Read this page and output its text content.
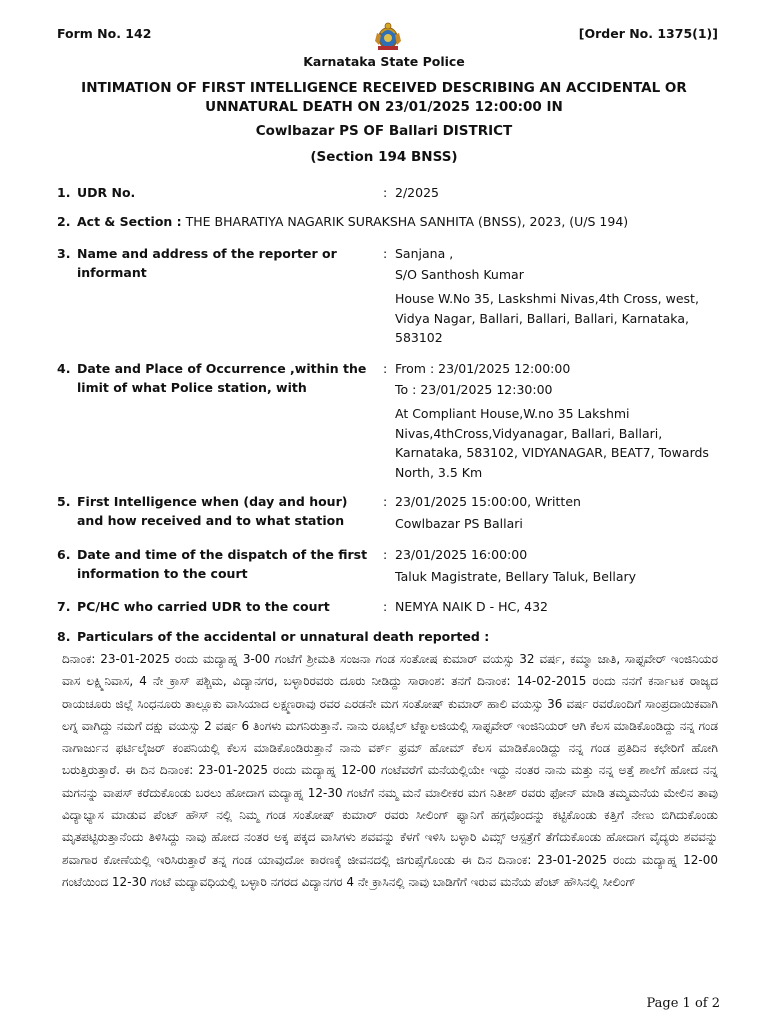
Form No. 142	[Order No. 1375(1)]
Karnataka State Police
INTIMATION OF FIRST INTELLIGENCE RECEIVED DESCRIBING AN ACCIDENTAL OR UNNATURAL DEATH ON 23/01/2025 12:00:00 IN
Cowlbazar PS OF Ballari DISTRICT
(Section 194 BNSS)
1. UDR No.	: 2/2025
2. Act & Section : THE BHARATIYA NAGARIK SURAKSHA SANHITA (BNSS), 2023, (U/S 194)
3. Name and address of the reporter or informant
: Sanjana ,
S/O Santhosh Kumar
House W.No 35, Laskshmi Nivas,4th Cross, west, Vidya Nagar, Ballari, Ballari, Ballari, Karnataka, 583102
4. Date and Place of Occurrence ,within the limit of what Police station, with
: From : 23/01/2025 12:00:00
To : 23/01/2025 12:30:00
At Compliant House,W.no 35 Lakshmi Nivas,4thCross,Vidyanagar, Ballari, Ballari, Karnataka, 583102, VIDYANAGAR, BEAT7, Towards North, 3.5 Km
5. First Intelligence when (day and hour) and how received and to what station
: 23/01/2025 15:00:00, Written
Cowlbazar PS Ballari
6. Date and time of the dispatch of the first information to the court
: 23/01/2025 16:00:00
Taluk Magistrate, Bellary Taluk, Bellary
7. PC/HC who carried UDR to the court	: NEMYA NAIK D - HC, 432
8. Particulars of the accidental or unnatural death reported :
ದಿನಾಂಕ: 23-01-2025 ರಂದು ಮದ್ಯಾಹ್ನ 3-00 ಗಂಟೆಗೆ ಶ್ರೀಮತಿ ಸಂಜನಾ ಗಂಡ ಸಂತೋಷ ಕುಮಾರ್ ವಯಸ್ಸು 32 ವರ್ಷ, ಕಮ್ಮಾ ಜಾತಿ, ಸಾಫ್ಟವೇರ್ ಇಂಜಿನಿಯರ ವಾಸ ಲಕ್ಷ್ಮಿನಿವಾಸ, 4 ನೇ ಕ್ರಾಸ್ ಪಶ್ಚಿಮ, ವಿದ್ಯಾನಗರ, ಬಳ್ಳಾರಿರವರು ದೂರು ನೀಡಿದ್ದು ಸಾರಾಂಶ: ತನಗೆ ದಿನಾಂಕ: 14-02-2015 ರಂದು ನನಗೆ ಕರ್ನಾಟಕ ರಾಜ್ಯದ ರಾಯಚೂರು ಜಿಲ್ಲೆ ಸಿಂಧನೂರು ತಾಲ್ಲೂಕು ವಾಸಿಯಾದ ಲಕ್ಷ್ಮಣರಾವು ರವರ ಎರಡನೇ ಮಗ ಸಂತೋಷ್ ಕುಮಾರ್ ಹಾಲಿ ವಯಸ್ಸು 36 ವರ್ಷ ರವರೊಂದಿಗೆ ಸಾಂಪ್ರದಾಯಿಕವಾಗಿ ಲಗ್ನ ವಾಗಿದ್ದು ನಮಗೆ ದಕ್ಷು ವಯಸ್ಸು 2 ವರ್ಷ 6 ತಿಂಗಳು ಮಗನಿರುತ್ತಾನೆ. ನಾನು ರೂಟ್ಸೆಲ್ ಟೆಕ್ನಾಲಜಿಯಲ್ಲಿ ಸಾಫ್ಟವೇರ್ ಇಂಜಿನಿಯರ್ ಆಗಿ ಕೆಲಸ ಮಾಡಿಕೊಂಡಿದ್ದು ನನ್ನ ಗಂಡ ನಾಗಾರ್ಜುನ ಫರ್ಟಿಲೈಜರ್ ಕಂಪನಿಯಲ್ಲಿ ಕೆಲಸ ಮಾಡಿಕೊಂಡಿರುತ್ತಾನೆ ನಾನು ವರ್ಕ್ ಫ್ರಮ್ ಹೋಮ್ ಕೆಲಸ ಮಾಡಿಕೊಂಡಿದ್ದು ನನ್ನ ಗಂಡ ಪ್ರತಿದಿನ ಕಛೇರಿಗೆ ಹೋಗಿ ಬರುತ್ತಿರುತ್ತಾರೆ. ಈ ದಿನ ದಿನಾಂಕ: 23-01-2025 ರಂದು ಮದ್ಯಾಹ್ನ 12-00 ಗಂಟೆವರೆಗೆ ಮನೆಯಲ್ಲಿಯೇ ಇದ್ದು ನಂತರ ನಾನು ಮತ್ತು ನನ್ನ ಅತ್ತೆ ಶಾಲೆಗೆ ಹೋದ ನನ್ನ ಮಗನನ್ನು ವಾಪಸ್ ಕರೆದುಕೊಂಡು ಬರಲು ಹೋದಾಗ ಮದ್ಯಾಹ್ನ 12-30 ಗಂಟೆಗೆ ನಮ್ಮ ಮನೆ ಮಾಲೀಕರ ಮಗ ನಿತೀಶ್ ರವರು ಫೋನ್ ಮಾಡಿ ತಮ್ಮಮನೆಯ ಮೇಲಿನ ತಾವು ವಿದ್ಯಾಭ್ಯಾಸ ಮಾಡುವ ಪೆಂಟ್ ಹೌಸ್ ನಲ್ಲಿ ನಿಮ್ಮ ಗಂಡ ಸಂತೋಷ್ ಕುಮಾರ್ ರವರು ಸೀಲಿಂಗ್ ಫ್ಯಾನಿಗೆ ಹಗ್ಗವೊಂದನ್ನು ಕಟ್ಟಿಕೊಂಡು ಕತ್ತಿಗೆ ನೇಣು ಬಿಗಿದುಕೊಂಡು ಮೃತಪಟ್ಟಿರುತ್ತಾನೆಂದು ತಿಳಿಸಿದ್ದು ನಾವು ಹೋದ ನಂತರ ಅಕ್ಕ ಪಕ್ಕದ ವಾಸಿಗಳು ಶವವನ್ನು ಕೆಳಗೆ ಇಳಿಸಿ ಬಳ್ಳಾರಿ ವಿಮ್ಸ್ ಆಸ್ಪತ್ರೆಗೆ ತೆಗೆದುಕೊಂಡು ಹೋದಾಗ ವೈದ್ಯರು ಶವವನ್ನು ಶವಾಗಾರ ಕೋಣೆಯಲ್ಲಿ ಇರಿಸಿರುತ್ತಾರೆ ತನ್ನ ಗಂಡ ಯಾವುದೋ ಕಾರಣಕ್ಕೆ ಜೀವನದಲ್ಲಿ ಜಿಗುಪ್ಸೆಗೊಂಡು ಈ ದಿನ ದಿನಾಂಕ: 23-01-2025 ರಂದು ಮದ್ಯಾಹ್ನ 12-00 ಗಂಟೆಯಿಂದ 12-30 ಗಂಟೆ ಮದ್ಯಾವಧಿಯಲ್ಲಿ ಬಳ್ಳಾರಿ ನಗರದ ವಿದ್ಯಾನಗರ 4 ನೇ ಕ್ರಾಸಿನಲ್ಲಿ ನಾವು ಬಾಡಿಗೆಗೆ ಇರುವ ಮನೆಯ ಪೆಂಟ್ ಹೌಸಿನಲ್ಲಿ ಸೀಲಿಂಗ್
Page 1 of 2
